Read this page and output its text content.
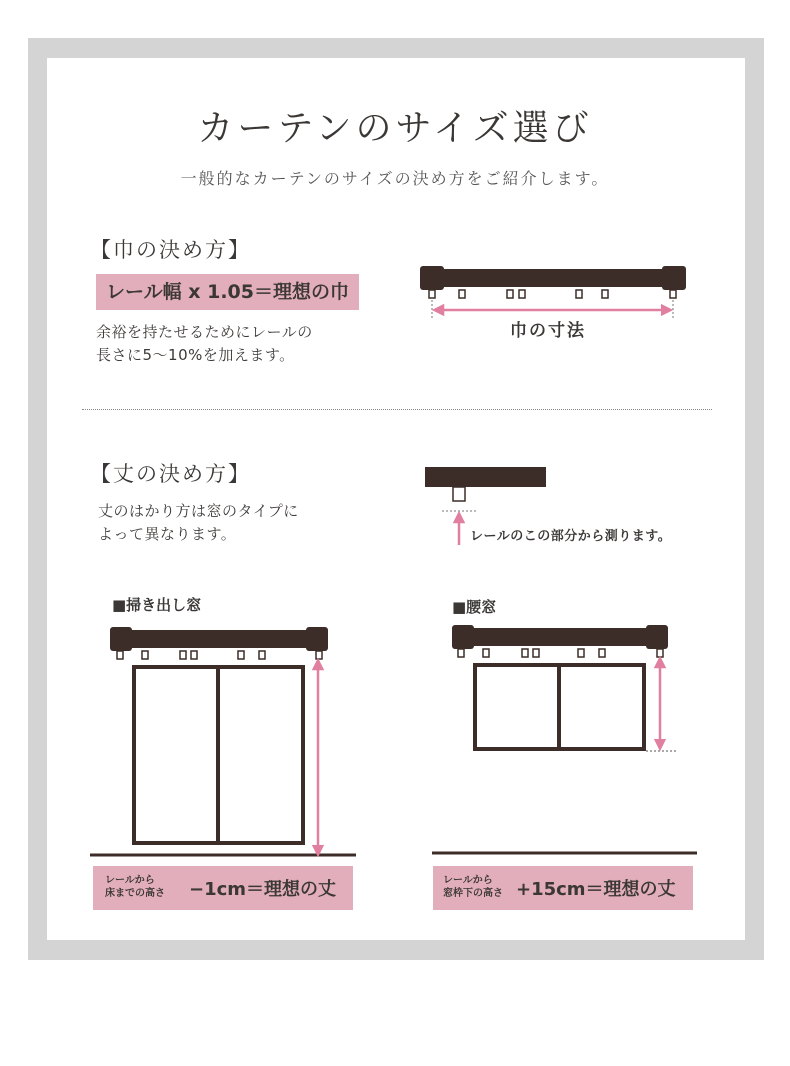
カーテンのサイズ選び
一般的なカーテンのサイズの決め方をご紹介します。
【巾の決め方】
レール幅 x 1.05＝理想の巾
余裕を持たせるためにレールの
長さに5〜10%を加えます。
巾の寸法
【丈の決め方】
丈のはかり方は窓のタイプに
よって異なります。	レールのこの部分から測ります。
■掃き出し窓	■腰窓
レールから
床までの高さ −1cm＝理想の丈	レールから
窓枠下の高さ +15cm＝理想の丈
